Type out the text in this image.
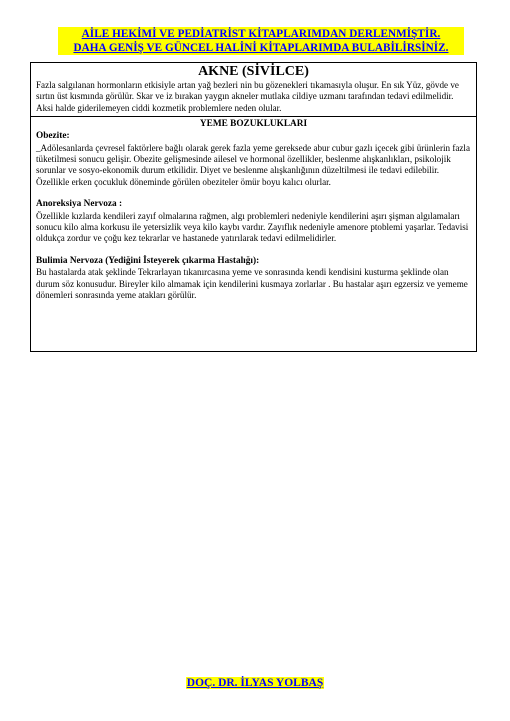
AİLE HEKİMİ VE PEDİATRİST KİTAPLARIMDAN DERLENMİŞTİR.
DAHA GENİŞ VE GÜNCEL HALİNİ KİTAPLARIMDA BULABİLİRSİNİZ.

AKNE (SİVİLCE)

Fazla salgılanan hormonların etkisiyle artan yağ bezleri nin bu gözenekleri tıkamasıyla oluşur. En sık Yüz, gövde ve sırtın üst kısmında görülür. Skar ve iz bırakan yaygın akneler mutlaka cildiye uzmanı tarafından tedavi edilmelidir. Aksi halde giderilemeyen ciddi kozmetik problemlere neden olular.

YEME BOZUKLUKLARI

Obezite:

_Adölesanlarda çevresel faktörlere bağlı olarak gerek fazla yeme gereksede abur cubur gazlı içecek gibi ürünlerin fazla tüketilmesi sonucu gelişir. Obezite gelişmesinde ailesel ve hormonal özellikler, beslenme alışkanlıkları, psikolojik sorunlar ve sosyo-ekonomik durum etkilidir. Diyet ve beslenme alışkanlığının düzeltilmesi ile tedavi edilebilir. Özellikle erken çocukluk döneminde görülen obeziteler ömür boyu kalıcı olurlar.

Anoreksiya Nervoza :

Özellikle kızlarda kendileri zayıf olmalarına rağmen, algı problemleri nedeniyle kendilerini aşırı şişman algılamaları sonucu kilo alma korkusu ile yetersizlik veya kilo kaybı vardır. Zayıflık nedeniyle amenore ptoblemi yaşarlar. Tedavisi oldukça zordur ve çoğu kez tekrarlar ve hastanede yatırılarak tedavi edilmelidirler.

Bulimia Nervoza (Yediğini İsteyerek çıkarma Hastalığı):

Bu hastalarda atak şeklinde Tekrarlayan tıkanırcasına yeme ve sonrasında kendi kendisini kusturma şeklinde olan durum söz konusudur. Bireyler kilo almamak için kendilerini kusmaya zorlarlar . Bu hastalar aşırı egzersiz ve yememe dönemleri sonrasında yeme atakları görülür.

DOÇ. DR. İLYAS YOLBAŞ
